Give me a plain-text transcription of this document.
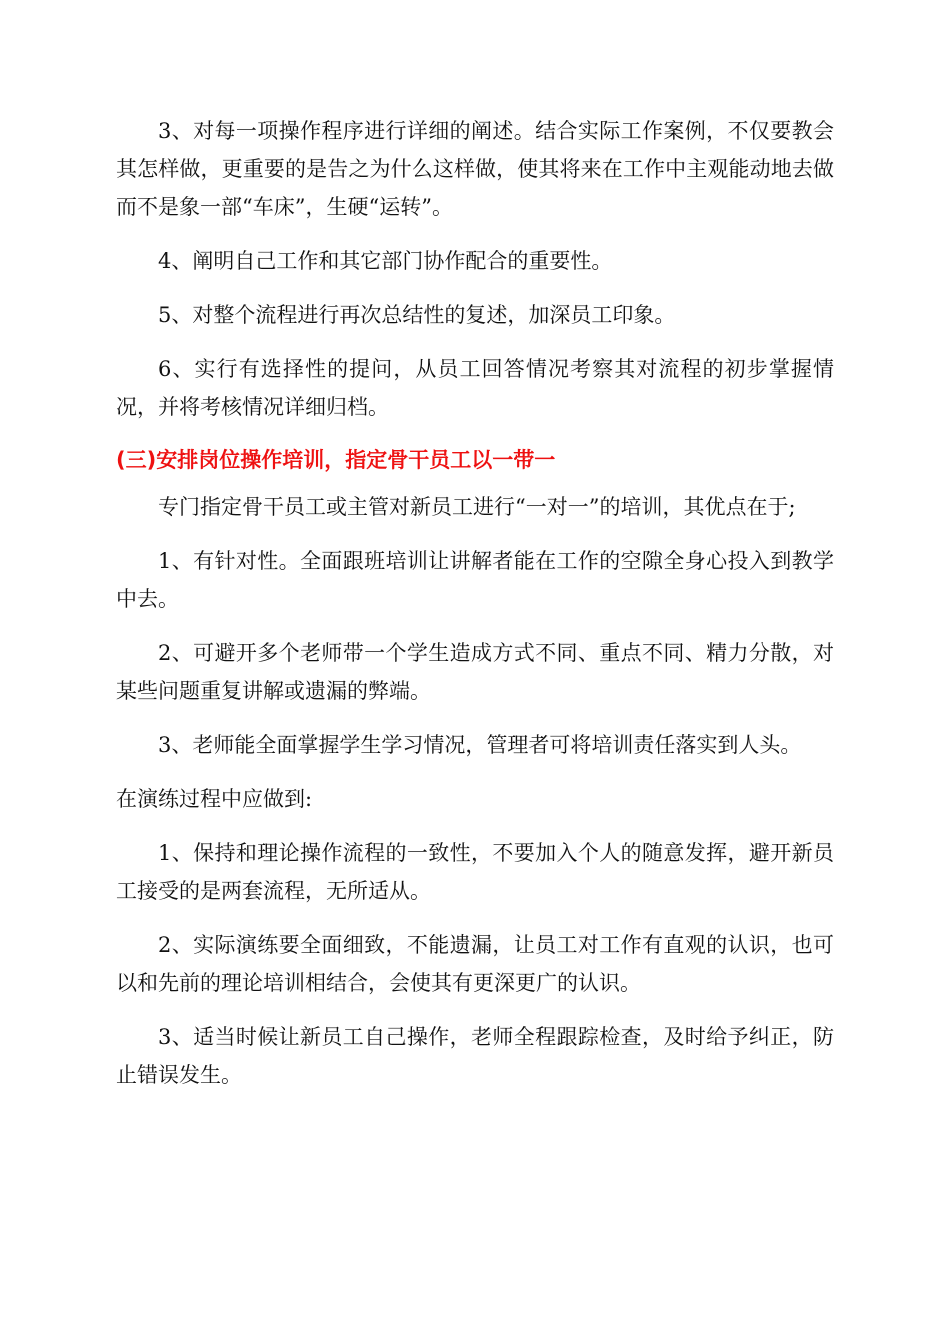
3、对每一项操作程序进行详细的阐述。结合实际工作案例，不仅要教会其怎样做，更重要的是告之为什么这样做，使其将来在工作中主观能动地去做而不是象一部“车床”，生硬“运转”。

4、阐明自己工作和其它部门协作配合的重要性。

5、对整个流程进行再次总结性的复述，加深员工印象。

6、实行有选择性的提问，从员工回答情况考察其对流程的初步掌握情况，并将考核情况详细归档。

(三)安排岗位操作培训，指定骨干员工以一带一

专门指定骨干员工或主管对新员工进行“一对一”的培训，其优点在于;

1、有针对性。全面跟班培训让讲解者能在工作的空隙全身心投入到教学中去。

2、可避开多个老师带一个学生造成方式不同、重点不同、精力分散，对某些问题重复讲解或遗漏的弊端。

3、老师能全面掌握学生学习情况，管理者可将培训责任落实到人头。

在演练过程中应做到:

1、保持和理论操作流程的一致性，不要加入个人的随意发挥，避开新员工接受的是两套流程，无所适从。

2、实际演练要全面细致，不能遗漏，让员工对工作有直观的认识，也可以和先前的理论培训相结合，会使其有更深更广的认识。

3、适当时候让新员工自己操作，老师全程跟踪检查，及时给予纠正，防止错误发生。
